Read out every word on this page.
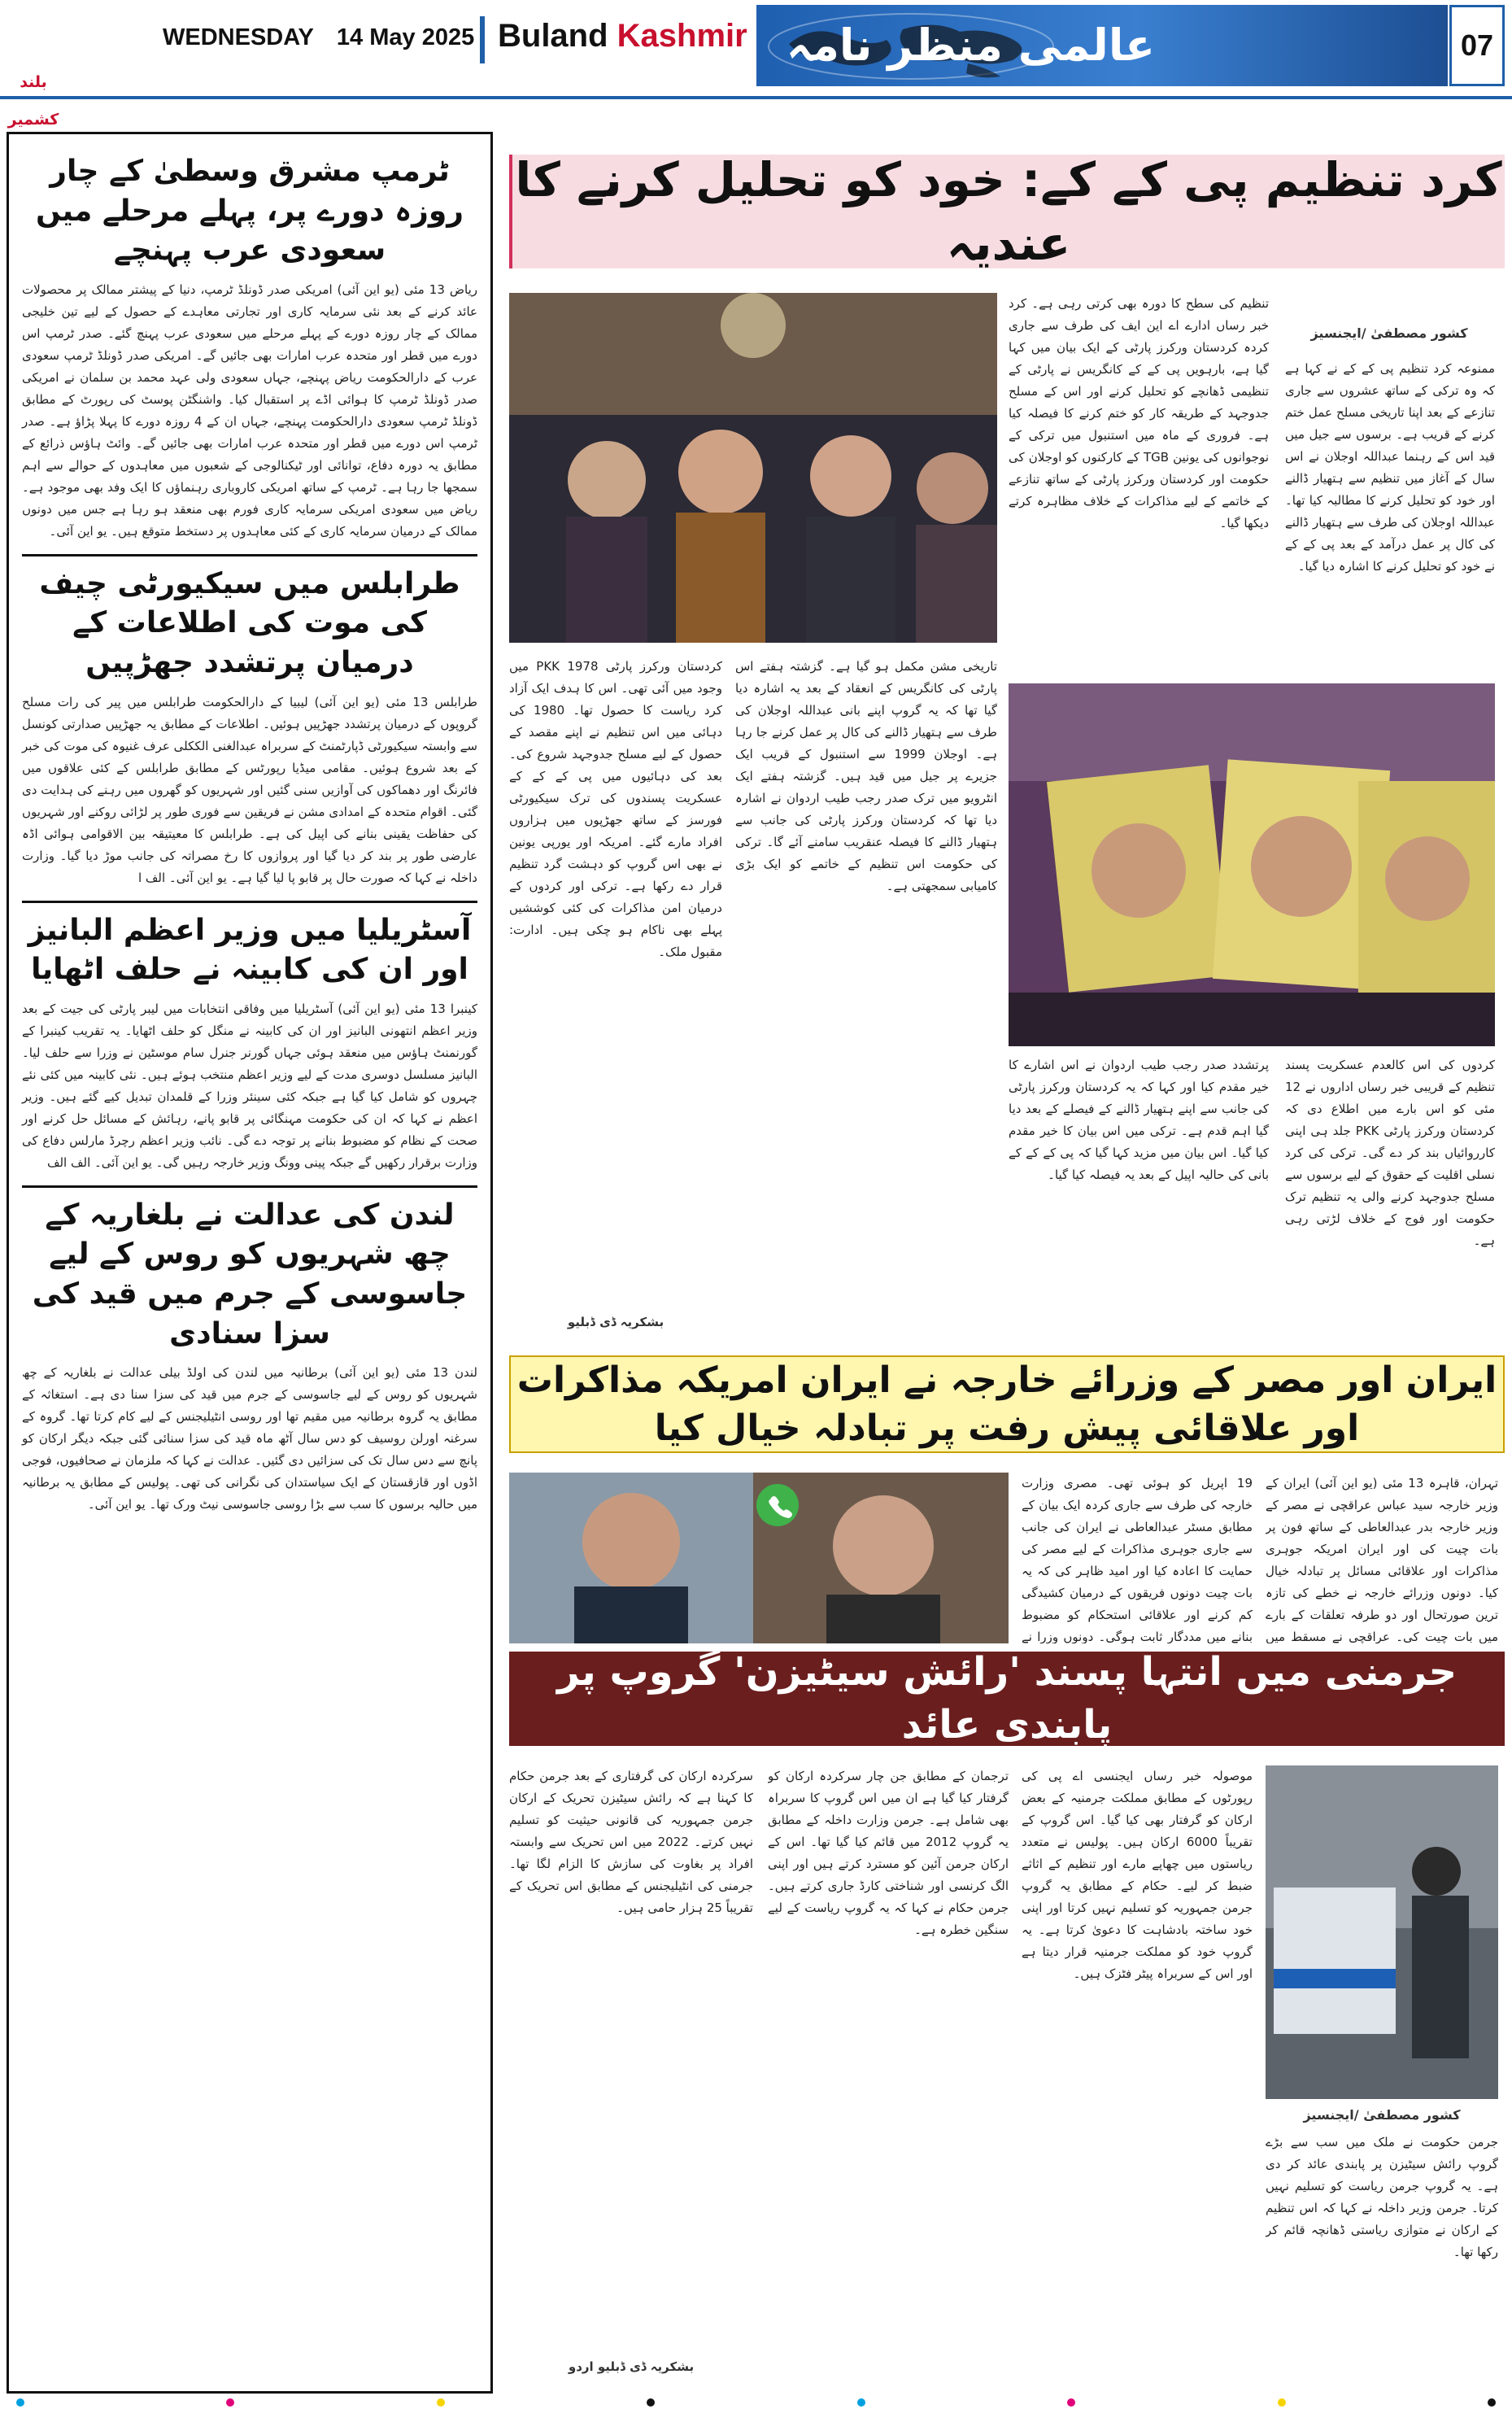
بلند کشمیر
WEDNESDAY 14 May 2025 Buland Kashmir عالمی منظر نامہ	07
ٹرمپ مشرق وسطیٰ کے چار روزہ دورے پر، پہلے مرحلے میں سعودی عرب پہنچے
ریاض 13 مئی (یو این آئی) امریکی صدر ڈونلڈ ٹرمپ، دنیا کے پیشتر ممالک پر محصولات عائد کرنے کے بعد نئی سرمایہ کاری اور تجارتی معاہدے کے حصول کے لیے تین خلیجی ممالک کے چار روزہ دورے کے پہلے مرحلے میں سعودی عرب پہنچ گئے۔ صدر ٹرمپ اس دورے میں قطر اور متحدہ عرب امارات بھی جائیں گے۔ امریکی صدر ڈونلڈ ٹرمپ سعودی عرب کے دارالحکومت ریاض پہنچے، جہاں سعودی ولی عہد محمد بن سلمان نے امریکی صدر ڈونلڈ ٹرمپ کا ہوائی اڈے پر استقبال کیا۔ واشنگٹن پوسٹ کی رپورٹ کے مطابق ڈونلڈ ٹرمپ سعودی دارالحکومت پہنچے، جہاں ان کے 4 روزہ دورے کا پہلا پڑاؤ ہے۔ صدر ٹرمپ اس دورے میں قطر اور متحدہ عرب امارات بھی جائیں گے۔ وائٹ ہاؤس ذرائع کے مطابق یہ دورہ دفاع، توانائی اور ٹیکنالوجی کے شعبوں میں معاہدوں کے حوالے سے اہم سمجھا جا رہا ہے۔ ٹرمپ کے ساتھ امریکی کاروباری رہنماؤں کا ایک وفد بھی موجود ہے۔ ریاض میں سعودی امریکی سرمایہ کاری فورم بھی منعقد ہو رہا ہے جس میں دونوں ممالک کے درمیان سرمایہ کاری کے کئی معاہدوں پر دستخط متوقع ہیں۔ یو این آئی۔
طرابلس میں سیکیورٹی چیف کی موت کی اطلاعات کے درمیان پرتشدد جھڑپیں
طرابلس 13 مئی (یو این آئی) لیبیا کے دارالحکومت طرابلس میں پیر کی رات مسلح گروپوں کے درمیان پرتشدد جھڑپیں ہوئیں۔ اطلاعات کے مطابق یہ جھڑپیں صدارتی کونسل سے وابستہ سیکیورٹی ڈپارٹمنٹ کے سربراہ عبدالغنی الککلی عرف غنیوہ کی موت کی خبر کے بعد شروع ہوئیں۔ مقامی میڈیا رپورٹس کے مطابق طرابلس کے کئی علاقوں میں فائرنگ اور دھماکوں کی آوازیں سنی گئیں اور شہریوں کو گھروں میں رہنے کی ہدایت دی گئی۔ اقوام متحدہ کے امدادی مشن نے فریقین سے فوری طور پر لڑائی روکنے اور شہریوں کی حفاظت یقینی بنانے کی اپیل کی ہے۔ طرابلس کا معیتیقہ بین الاقوامی ہوائی اڈہ عارضی طور پر بند کر دیا گیا اور پروازوں کا رخ مصراتہ کی جانب موڑ دیا گیا۔ وزارت داخلہ نے کہا کہ صورت حال پر قابو پا لیا گیا ہے۔ یو این آئی۔ الف ا
آسٹریلیا میں وزیر اعظم البانیز اور ان کی کابینہ نے حلف اٹھایا
کینبرا 13 مئی (یو این آئی) آسٹریلیا میں وفاقی انتخابات میں لیبر پارٹی کی جیت کے بعد وزیر اعظم انتھونی البانیز اور ان کی کابینہ نے منگل کو حلف اٹھایا۔ یہ تقریب کینبرا کے گورنمنٹ ہاؤس میں منعقد ہوئی جہاں گورنر جنرل سام موسٹین نے وزرا سے حلف لیا۔ البانیز مسلسل دوسری مدت کے لیے وزیر اعظم منتخب ہوئے ہیں۔ نئی کابینہ میں کئی نئے چہروں کو شامل کیا گیا ہے جبکہ کئی سینئر وزرا کے قلمدان تبدیل کیے گئے ہیں۔ وزیر اعظم نے کہا کہ ان کی حکومت مہنگائی پر قابو پانے، رہائش کے مسائل حل کرنے اور صحت کے نظام کو مضبوط بنانے پر توجہ دے گی۔ نائب وزیر اعظم رچرڈ مارلس دفاع کی وزارت برقرار رکھیں گے جبکہ پینی وونگ وزیر خارجہ رہیں گی۔ یو این آئی۔ الف الف
لندن کی عدالت نے بلغاریہ کے چھ شہریوں کو روس کے لیے جاسوسی کے جرم میں قید کی سزا سنادی
لندن 13 مئی (یو این آئی) برطانیہ میں لندن کی اولڈ بیلی عدالت نے بلغاریہ کے چھ شہریوں کو روس کے لیے جاسوسی کے جرم میں قید کی سزا سنا دی ہے۔ استغاثہ کے مطابق یہ گروہ برطانیہ میں مقیم تھا اور روسی انٹیلیجنس کے لیے کام کرتا تھا۔ گروہ کے سرغنہ اورلن روسیف کو دس سال آٹھ ماہ قید کی سزا سنائی گئی جبکہ دیگر ارکان کو پانچ سے دس سال تک کی سزائیں دی گئیں۔ عدالت نے کہا کہ ملزمان نے صحافیوں، فوجی اڈوں اور قازقستان کے ایک سیاستدان کی نگرانی کی تھی۔ پولیس کے مطابق یہ برطانیہ میں حالیہ برسوں کا سب سے بڑا روسی جاسوسی نیٹ ورک تھا۔ یو این آئی۔
کرد تنظیم پی کے کے: خود کو تحلیل کرنے کا عندیہ
کشور مصطفیٰ /ایجنسیز
ممنوعہ کرد تنظیم پی کے کے نے کہا ہے کہ وہ ترکی کے ساتھ عشروں سے جاری تنازعے کے بعد اپنا تاریخی مسلح عمل ختم کرنے کے قریب ہے۔ برسوں سے جیل میں قید اس کے رہنما عبداللہ اوجلان نے اس سال کے آغاز میں تنظیم سے ہتھیار ڈالنے اور خود کو تحلیل کرنے کا مطالبہ کیا تھا۔ عبداللہ اوجلان کی طرف سے ہتھیار ڈالنے کی کال پر عمل درآمد کے بعد پی کے کے نے خود کو تحلیل کرنے کا اشارہ دیا گیا۔
تنظیم کی سطح کا دورہ بھی کرتی رہی ہے۔ کرد خبر رساں ادارے اے این ایف کی طرف سے جاری کردہ کردستان ورکرز پارٹی کے ایک بیان میں کہا گیا ہے، بارہویں پی کے کے کانگریس نے پارٹی کے تنظیمی ڈھانچے کو تحلیل کرنے اور اس کے مسلح جدوجہد کے طریقہ کار کو ختم کرنے کا فیصلہ کیا ہے۔ فروری کے ماہ میں استنبول میں ترکی کے نوجوانوں کی یونین TGB کے کارکنوں کو اوجلان کی حکومت اور کردستان ورکرز پارٹی کے ساتھ تنازعے کے خاتمے کے لیے مذاکرات کے خلاف مظاہرہ کرتے دیکھا گیا۔
پرتشدد صدر رجب طیب اردوان نے اس اشارے کا خیر مقدم کیا اور کہا کہ یہ کردستان ورکرز پارٹی کی جانب سے اپنے ہتھیار ڈالنے کے فیصلے کے بعد دیا گیا اہم قدم ہے۔ ترکی میں اس بیان کا خیر مقدم کیا گیا۔ اس بیان میں مزید کہا گیا کہ پی کے کے کے بانی کی حالیہ اپیل کے بعد یہ فیصلہ کیا گیا۔
کردوں کی اس کالعدم عسکریت پسند تنظیم کے قریبی خبر رساں اداروں نے 12 مئی کو اس بارے میں اطلاع دی کہ کردستان ورکرز پارٹی PKK جلد ہی اپنی کارروائیاں بند کر دے گی۔ ترکی کی کرد نسلی اقلیت کے حقوق کے لیے برسوں سے مسلح جدوجہد کرنے والی یہ تنظیم ترک حکومت اور فوج کے خلاف لڑتی رہی ہے۔
تاریخی مشن مکمل ہو گیا ہے۔ گزشتہ ہفتے اس پارٹی کی کانگریس کے انعقاد کے بعد یہ اشارہ دیا گیا تھا کہ یہ گروپ اپنے بانی عبداللہ اوجلان کی طرف سے ہتھیار ڈالنے کی کال پر عمل کرنے جا رہا ہے۔ اوجلان 1999 سے استنبول کے قریب ایک جزیرے پر جیل میں قید ہیں۔ گزشتہ ہفتے ایک انٹرویو میں ترک صدر رجب طیب اردوان نے اشارہ دیا تھا کہ کردستان ورکرز پارٹی کی جانب سے ہتھیار ڈالنے کا فیصلہ عنقریب سامنے آئے گا۔ ترکی کی حکومت اس تنظیم کے خاتمے کو ایک بڑی کامیابی سمجھتی ہے۔
کردستان ورکرز پارٹی PKK 1978 میں وجود میں آئی تھی۔ اس کا ہدف ایک آزاد کرد ریاست کا حصول تھا۔ 1980 کی دہائی میں اس تنظیم نے اپنے مقصد کے حصول کے لیے مسلح جدوجہد شروع کی۔ بعد کی دہائیوں میں پی کے کے کے عسکریت پسندوں کی ترک سیکیورٹی فورسز کے ساتھ جھڑپوں میں ہزاروں افراد مارے گئے۔ امریکہ اور یورپی یونین نے بھی اس گروپ کو دہشت گرد تنظیم قرار دے رکھا ہے۔ ترکی اور کردوں کے درمیان امن مذاکرات کی کئی کوششیں پہلے بھی ناکام ہو چکی ہیں۔ ادارت: مقبول ملک۔
بشکریہ ڈی ڈبلیو
ایران اور مصر کے وزرائے خارجہ نے ایران امریکہ مذاکرات اور علاقائی پیش رفت پر تبادلہ خیال کیا
تہران، قاہرہ 13 مئی (یو این آئی) ایران کے وزیر خارجہ سید عباس عراقچی نے مصر کے وزیر خارجہ بدر عبدالعاطی کے ساتھ فون پر بات چیت کی اور ایران امریکہ جوہری مذاکرات اور علاقائی مسائل پر تبادلہ خیال کیا۔ دونوں وزرائے خارجہ نے خطے کی تازہ ترین صورتحال اور دو طرفہ تعلقات کے بارے میں بات چیت کی۔ عراقچی نے مسقط میں
19 اپریل کو ہوئی تھی۔ مصری وزارت خارجہ کی طرف سے جاری کردہ ایک بیان کے مطابق مسٹر عبدالعاطی نے ایران کی جانب سے جاری جوہری مذاکرات کے لیے مصر کی حمایت کا اعادہ کیا اور امید ظاہر کی کہ یہ بات چیت دونوں فریقوں کے درمیان کشیدگی کم کرنے اور علاقائی استحکام کو مضبوط بنانے میں مددگار ثابت ہوگی۔ دونوں وزرا نے
جرمنی میں انتہا پسند 'رائش سیٹیزن' گروپ پر پابندی عائد
کشور مصطفیٰ /ایجنسیز
جرمن حکومت نے ملک میں سب سے بڑے گروپ رائش سیٹیزن پر پابندی عائد کر دی ہے۔ یہ گروپ جرمن ریاست کو تسلیم نہیں کرتا۔ جرمن وزیر داخلہ نے کہا کہ اس تنظیم کے ارکان نے متوازی ریاستی ڈھانچہ قائم کر رکھا تھا۔
موصولہ خبر رساں ایجنسی اے پی کی رپورٹوں کے مطابق مملکت جرمنیہ کے بعض ارکان کو گرفتار بھی کیا گیا۔ اس گروپ کے تقریباً 6000 ارکان ہیں۔ پولیس نے متعدد ریاستوں میں چھاپے مارے اور تنظیم کے اثاثے ضبط کر لیے۔ حکام کے مطابق یہ گروپ جرمن جمہوریہ کو تسلیم نہیں کرتا اور اپنی خود ساختہ بادشاہت کا دعویٰ کرتا ہے۔ یہ گروپ خود کو مملکت جرمنیہ قرار دیتا ہے اور اس کے سربراہ پیٹر فٹزک ہیں۔
ترجمان کے مطابق جن چار سرکردہ ارکان کو گرفتار کیا گیا ہے ان میں اس گروپ کا سربراہ بھی شامل ہے۔ جرمن وزارت داخلہ کے مطابق یہ گروپ 2012 میں قائم کیا گیا تھا۔ اس کے ارکان جرمن آئین کو مسترد کرتے ہیں اور اپنی الگ کرنسی اور شناختی کارڈ جاری کرتے ہیں۔ جرمن حکام نے کہا کہ یہ گروپ ریاست کے لیے سنگین خطرہ ہے۔
سرکردہ ارکان کی گرفتاری کے بعد جرمن حکام کا کہنا ہے کہ رائش سیٹیزن تحریک کے ارکان جرمن جمہوریہ کی قانونی حیثیت کو تسلیم نہیں کرتے۔ 2022 میں اس تحریک سے وابستہ افراد پر بغاوت کی سازش کا الزام لگا تھا۔ جرمنی کی انٹیلیجنس کے مطابق اس تحریک کے تقریباً 25 ہزار حامی ہیں۔
بشکریہ ڈی ڈبلیو اردو
